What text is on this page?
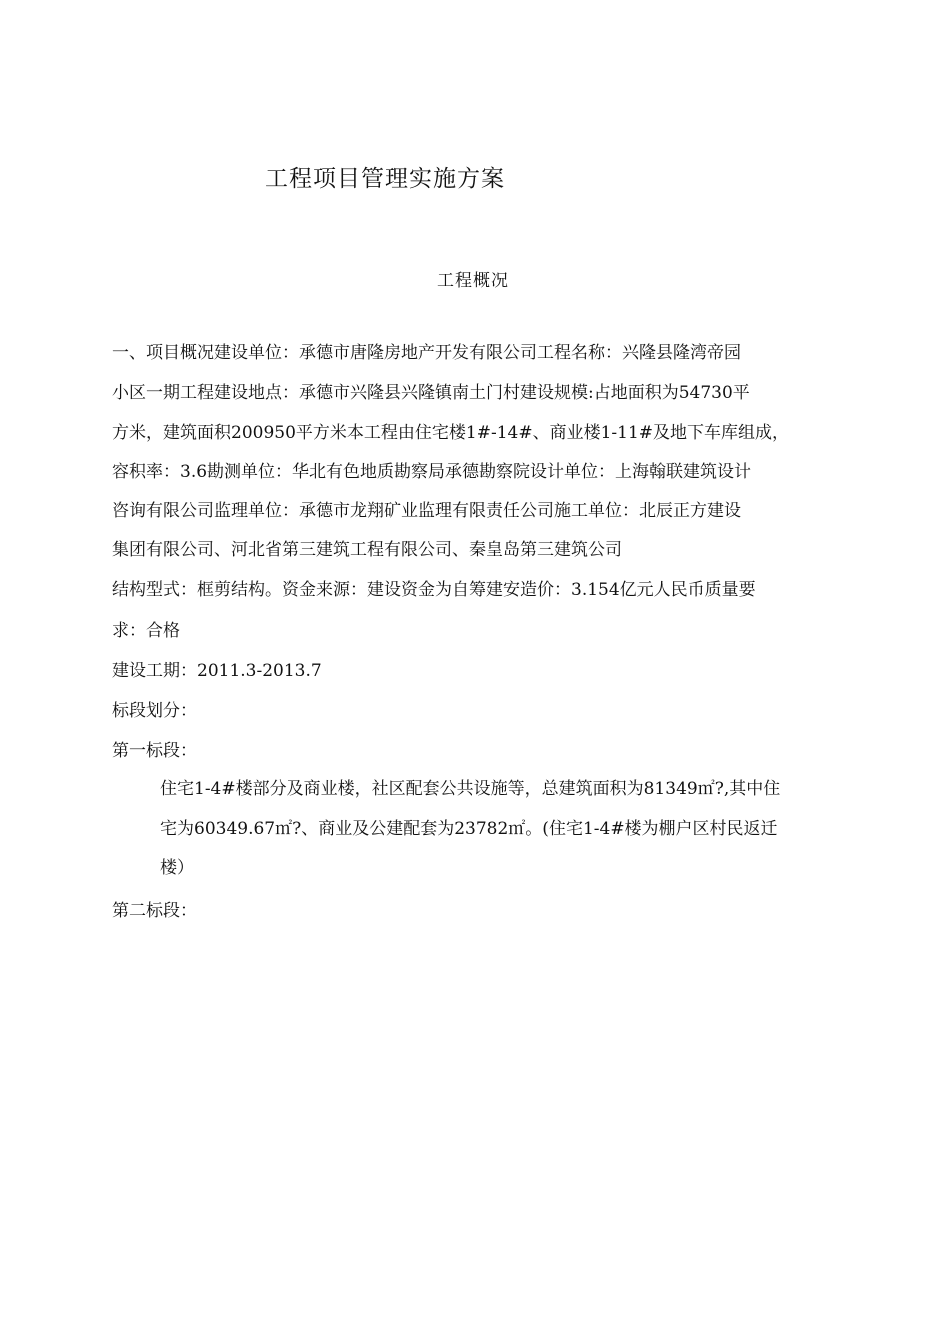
工程项目管理实施方案
工程概况
一、项目概况建设单位：承德市唐隆房地产开发有限公司工程名称：兴隆县隆湾帝园
小区一期工程建设地点：承德市兴隆县兴隆镇南土门村建设规模:占地面积为54730平
方米，建筑面积200950平方米本工程由住宅楼1#-14#、商业楼1-11#及地下车库组成，
容积率：3.6勘测单位：华北有色地质勘察局承德勘察院设计单位：上海翰联建筑设计
咨询有限公司监理单位：承德市龙翔矿业监理有限责任公司施工单位：北辰正方建设
集团有限公司、河北省第三建筑工程有限公司、秦皇岛第三建筑公司
结构型式：框剪结构。资金来源：建设资金为自筹建安造价：3.154亿元人民币质量要
求：合格
建设工期：2011.3-2013.7
标段划分：
第一标段：
住宅1-4#楼部分及商业楼，社区配套公共设施等，总建筑面积为81349㎡?,其中住
宅为60349.67㎡?、商业及公建配套为23782㎡。(住宅1-4#楼为棚户区村民返迁
楼）
第二标段：
